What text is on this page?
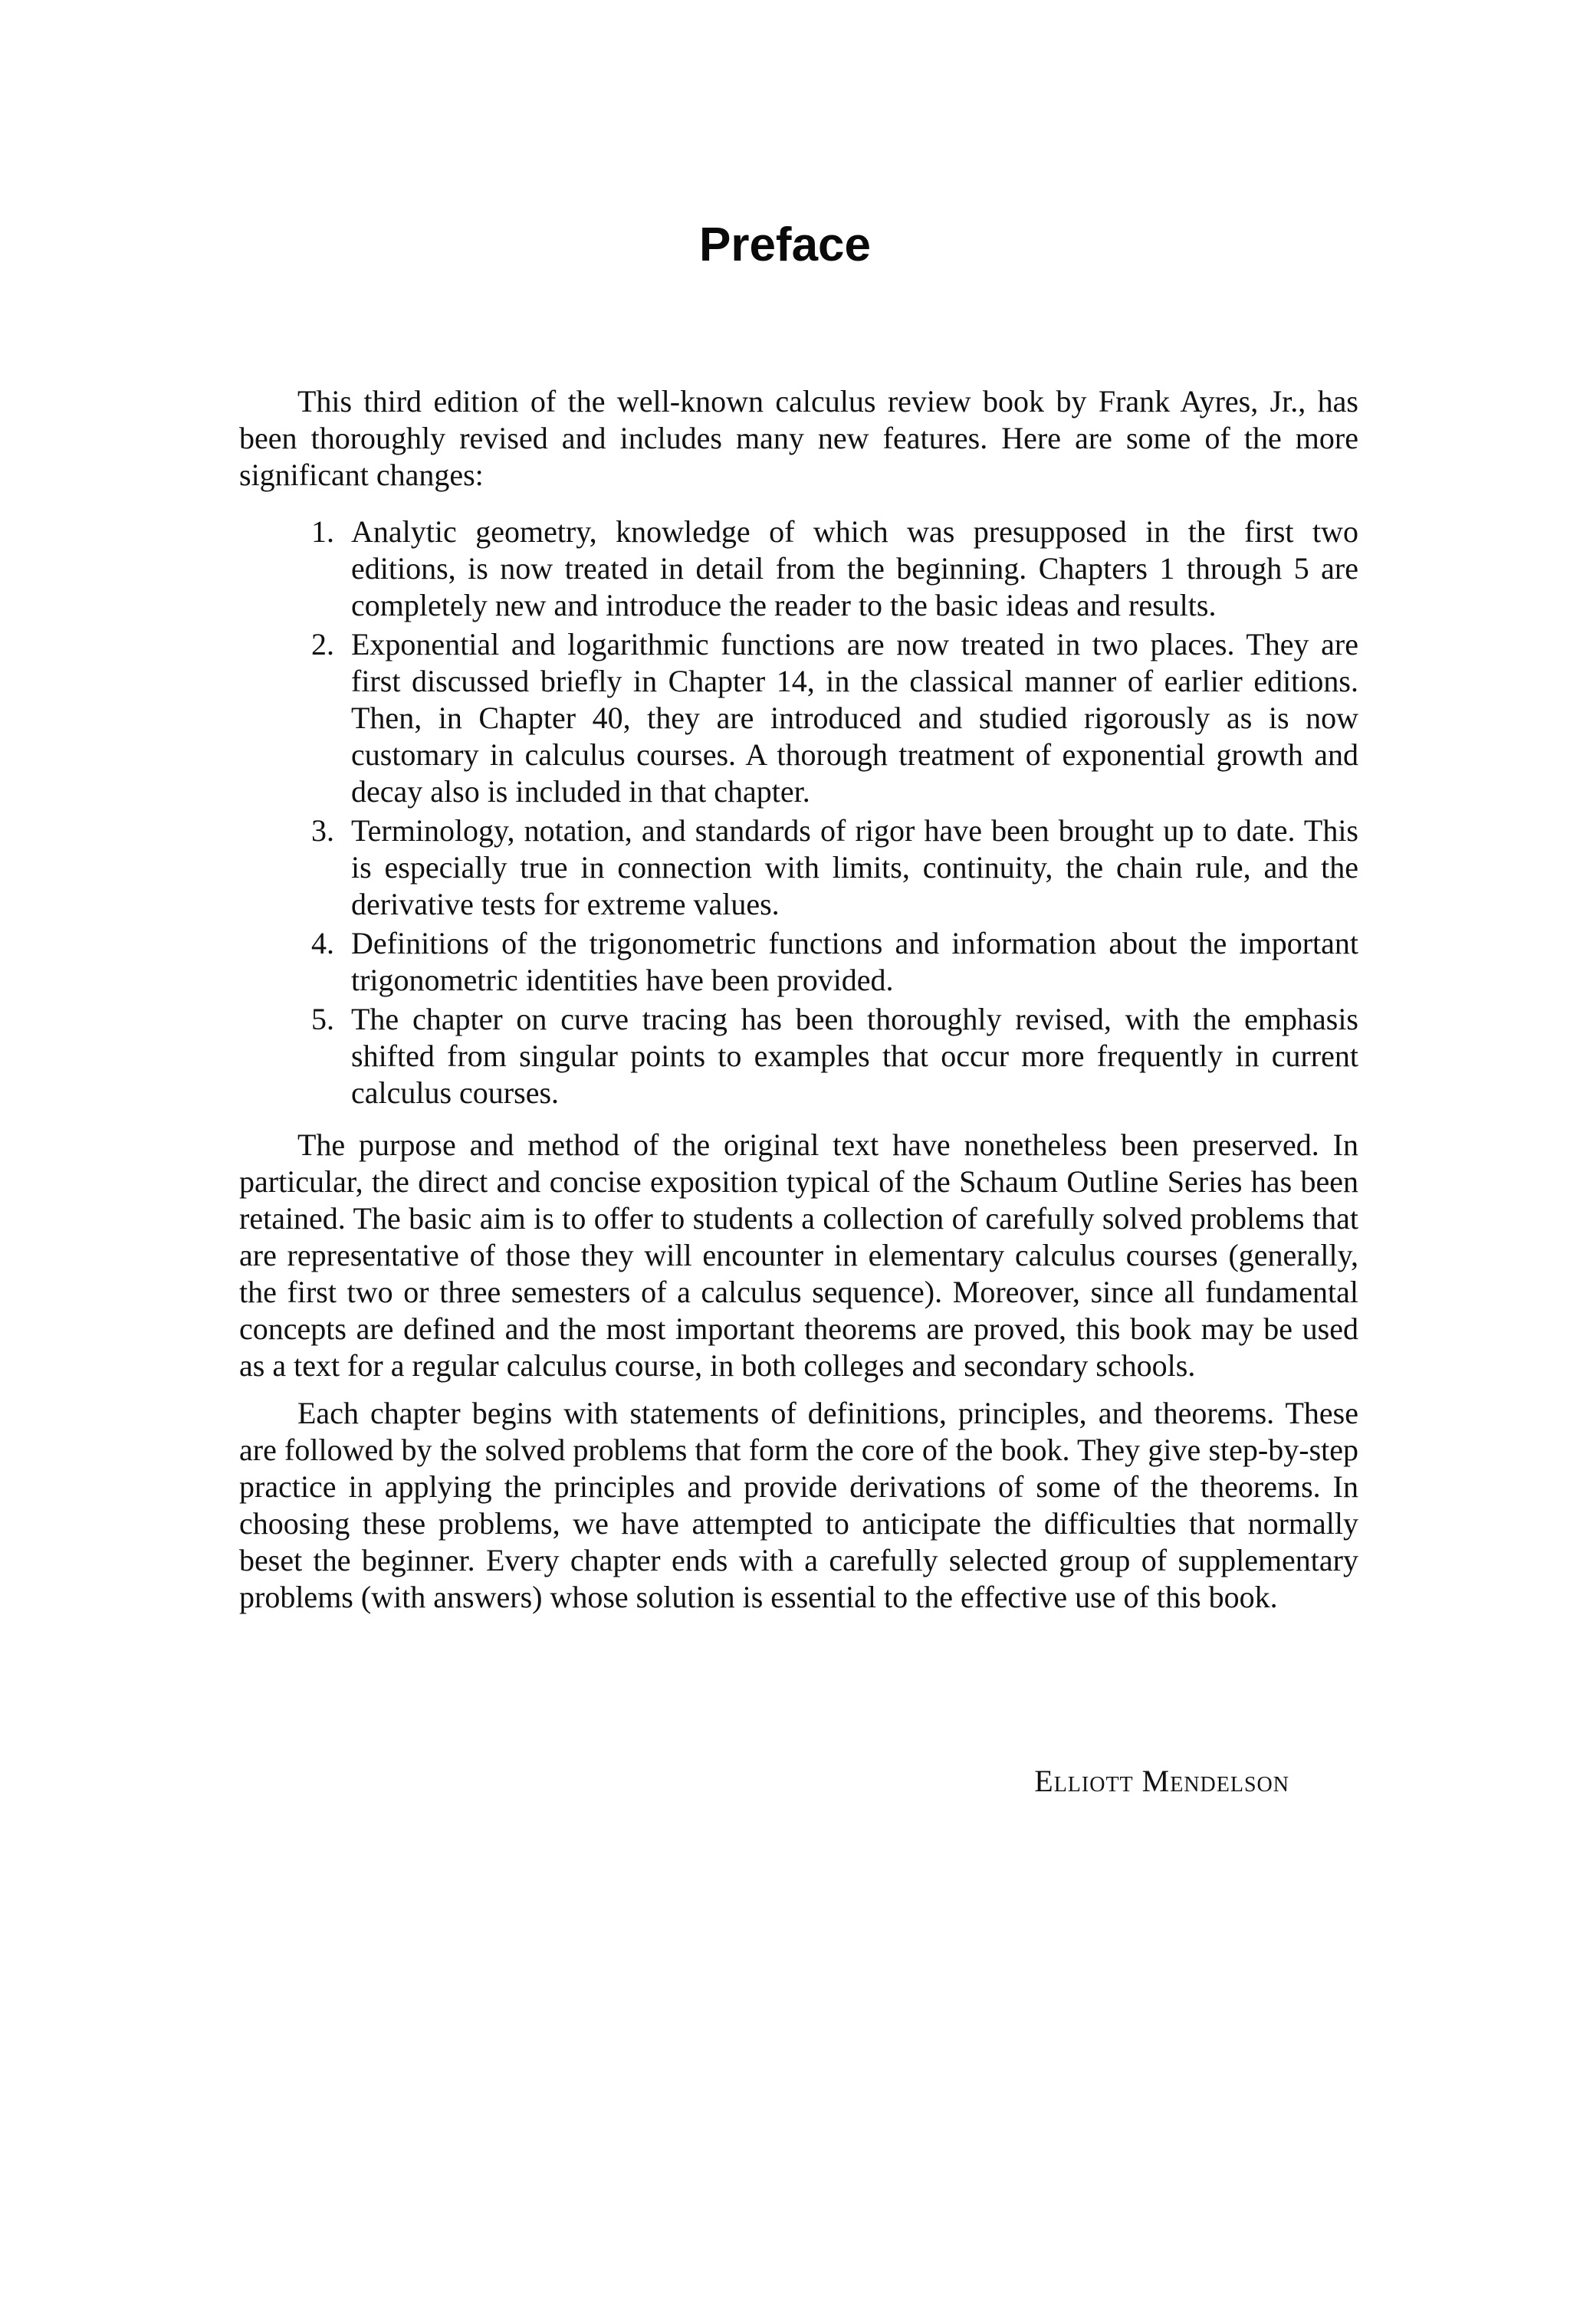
Preface

This third edition of the well-known calculus review book by Frank Ayres, Jr., has been thoroughly revised and includes many new features. Here are some of the more significant changes:

1. Analytic geometry, knowledge of which was presupposed in the first two editions, is now treated in detail from the beginning. Chapters 1 through 5 are completely new and introduce the reader to the basic ideas and results.
2. Exponential and logarithmic functions are now treated in two places. They are first discussed briefly in Chapter 14, in the classical manner of earlier editions. Then, in Chapter 40, they are introduced and studied rigorously as is now customary in calculus courses. A thorough treatment of exponential growth and decay also is included in that chapter.
3. Terminology, notation, and standards of rigor have been brought up to date. This is especially true in connection with limits, continuity, the chain rule, and the derivative tests for extreme values.
4. Definitions of the trigonometric functions and information about the important trigonometric identities have been provided.
5. The chapter on curve tracing has been thoroughly revised, with the emphasis shifted from singular points to examples that occur more frequently in current calculus courses.

The purpose and method of the original text have nonetheless been preserved. In particular, the direct and concise exposition typical of the Schaum Outline Series has been retained. The basic aim is to offer to students a collection of carefully solved problems that are representative of those they will encounter in elementary calculus courses (generally, the first two or three semesters of a calculus sequence). Moreover, since all fundamental concepts are defined and the most important theorems are proved, this book may be used as a text for a regular calculus course, in both colleges and secondary schools.

Each chapter begins with statements of definitions, principles, and theorems. These are followed by the solved problems that form the core of the book. They give step-by-step practice in applying the principles and provide derivations of some of the theorems. In choosing these problems, we have attempted to anticipate the difficulties that normally beset the beginner. Every chapter ends with a carefully selected group of supplementary problems (with answers) whose solution is essential to the effective use of this book.

Elliott Mendelson
